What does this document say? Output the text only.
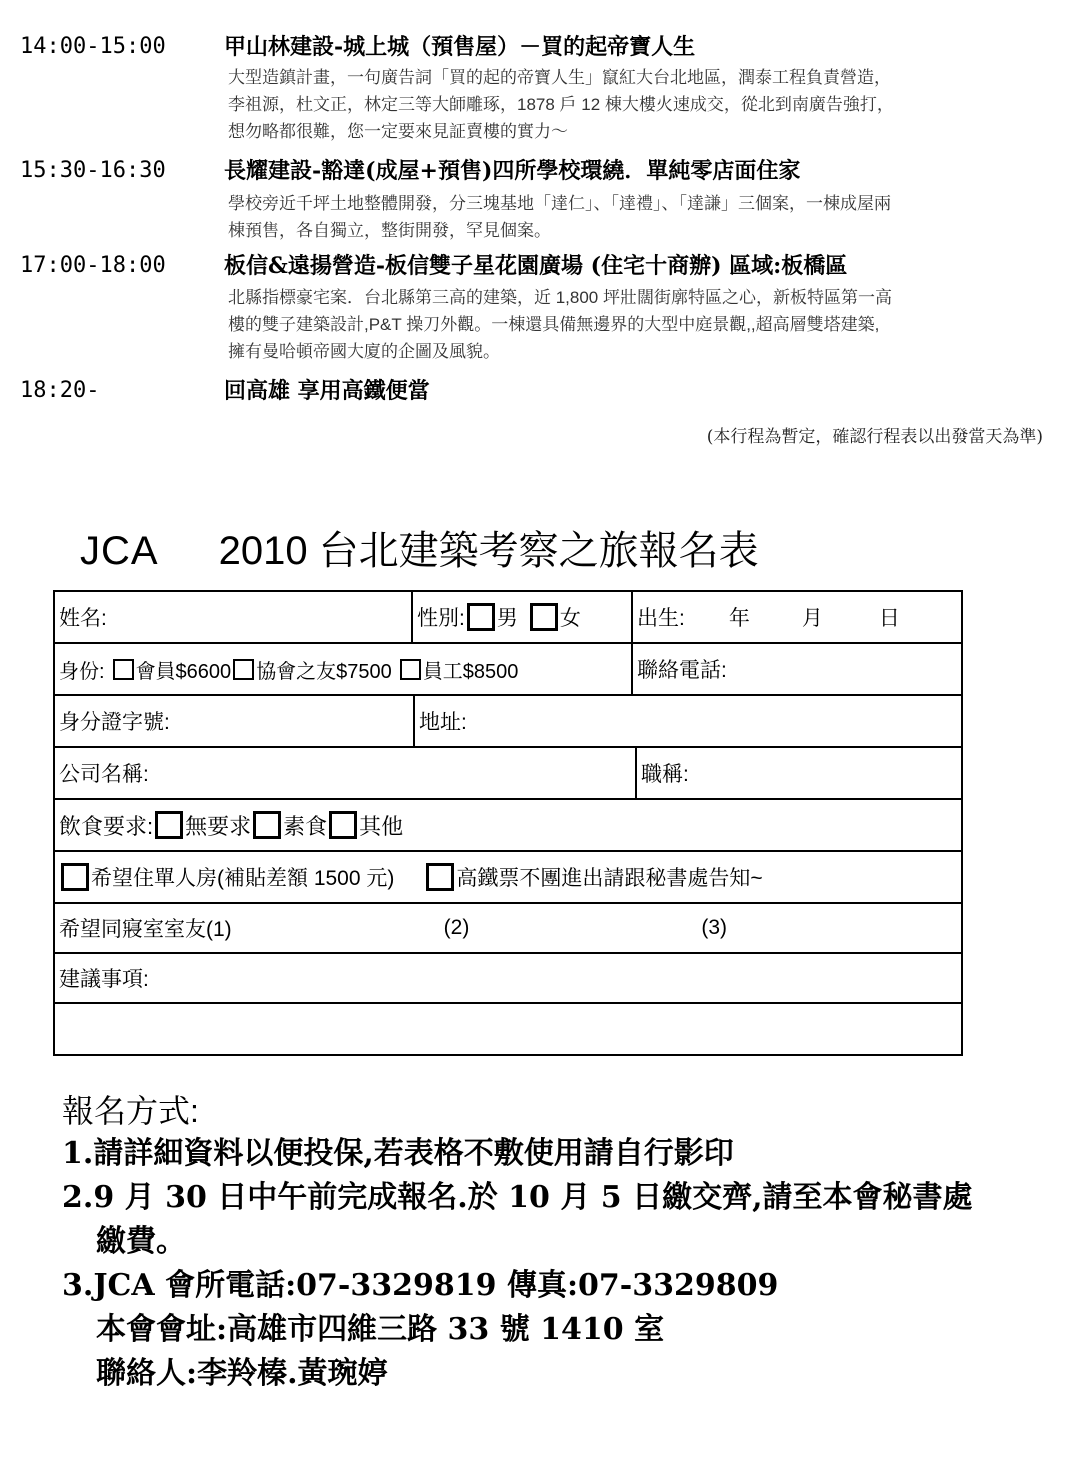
14:00-15:00	甲山林建設-城上城（預售屋）－買的起帝寶人生
大型造鎮計畫，一句廣告詞「買的起的帝寶人生」竄紅大台北地區，潤泰工程負責營造，
李祖源，杜文正，林定三等大師雕琢，1878 戶 12 棟大樓火速成交，從北到南廣告強打，
想勿略都很難，您一定要來見証賣樓的實力～
15:30-16:30	長耀建設-豁達(成屋+預售)四所學校環繞．單純零店面住家
學校旁近千坪土地整體開發，分三塊基地「達仁」、「達禮」、「達謙」三個案，一棟成屋兩
棟預售，各自獨立，整街開發，罕見個案。
17:00-18:00	板信&遠揚營造-板信雙子星花園廣場 (住宅十商辦) 區域:板橋區
北縣指標豪宅案．台北縣第三高的建築，近 1,800 坪壯闊街廓特區之心，新板特區第一高
樓的雙子建築設計,P&T 操刀外觀。一棟還具備無邊界的大型中庭景觀,,超高層雙塔建築,
擁有曼哈頓帝國大廈的企圖及風貌。
18:20-	回高雄 享用高鐵便當
(本行程為暫定，確認行程表以出發當天為準)
JCA 2010 台北建築考察之旅報名表
姓名:	性別: 男 女	出生: 年 月	日
身份: 會員$6600 協會之友$7500 員工$8500	聯絡電話:
身分證字號:	地址:
公司名稱:	職稱:
飲食要求: 無要求 素食 其他
希望住單人房(補貼差額 1500 元)	高鐵票不團進出請跟秘書處告知~
希望同寢室室友(1)	(2)	(3)
建議事項:
報名方式:
1.請詳細資料以便投保,若表格不敷使用請自行影印
2.9 月 30 日中午前完成報名.於 10 月 5 日繳交齊,請至本會秘書處
繳費。
3.JCA 會所電話:07-3329819 傳真:07-3329809
本會會址:高雄市四維三路 33 號 1410 室
聯絡人:李羚榛.黃琬婷
